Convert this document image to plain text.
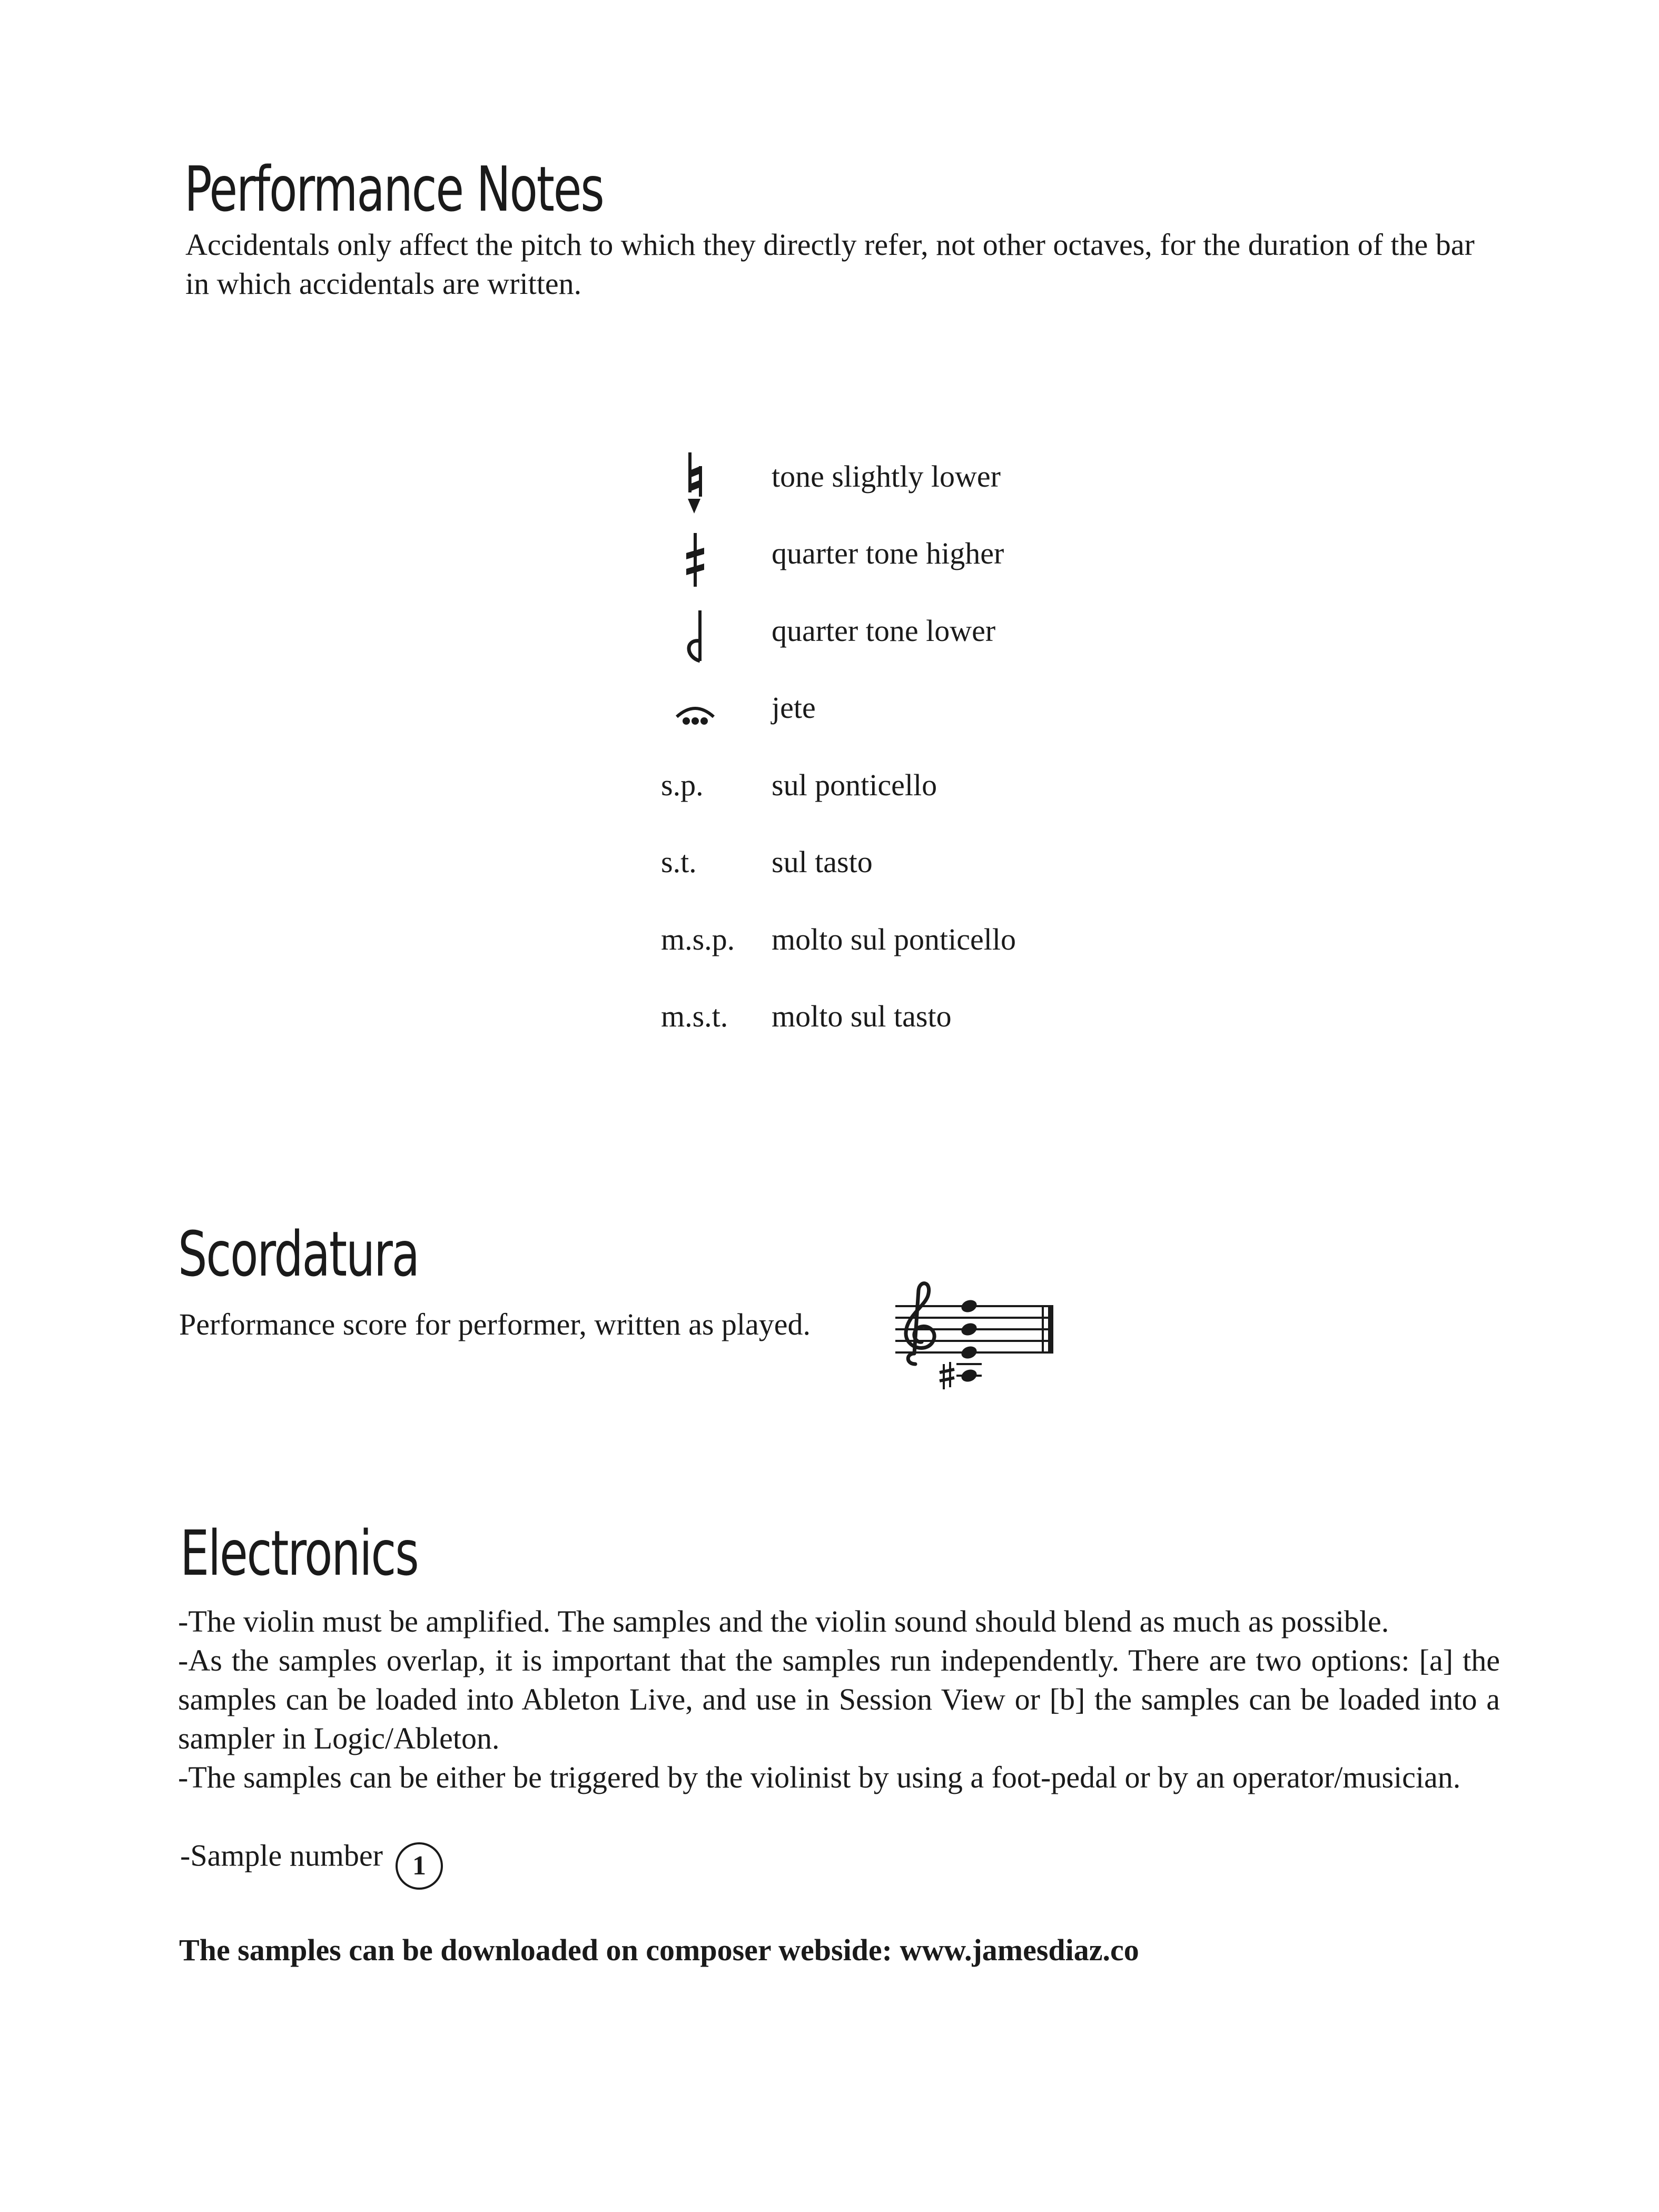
Performance Notes

Accidentals only affect the pitch to which they directly refer, not other octaves, for the duration of the bar in which accidentals are written.

s.p.
s.t.
m.s.p.
m.s.t.
tone slightly lower
quarter tone higher
quarter tone lower
jete
sul ponticello
sul tasto
molto sul ponticello
molto sul tasto
Scordatura

Performance score for performer, written as played.

Electronics

-The violin must be amplified. The samples and the violin sound should blend as much as possible.

-As the samples overlap, it is important that the samples run independently. There are two options: [a] the samples can be loaded into Ableton Live, and use in Session View or [b] the samples can be loaded into a sampler in Logic/Ableton.

-The samples can be either be triggered by the violinist by using a foot-pedal or by an operator/musician.

-Sample number 1
The samples can be downloaded on composer webside: www.jamesdiaz.co
